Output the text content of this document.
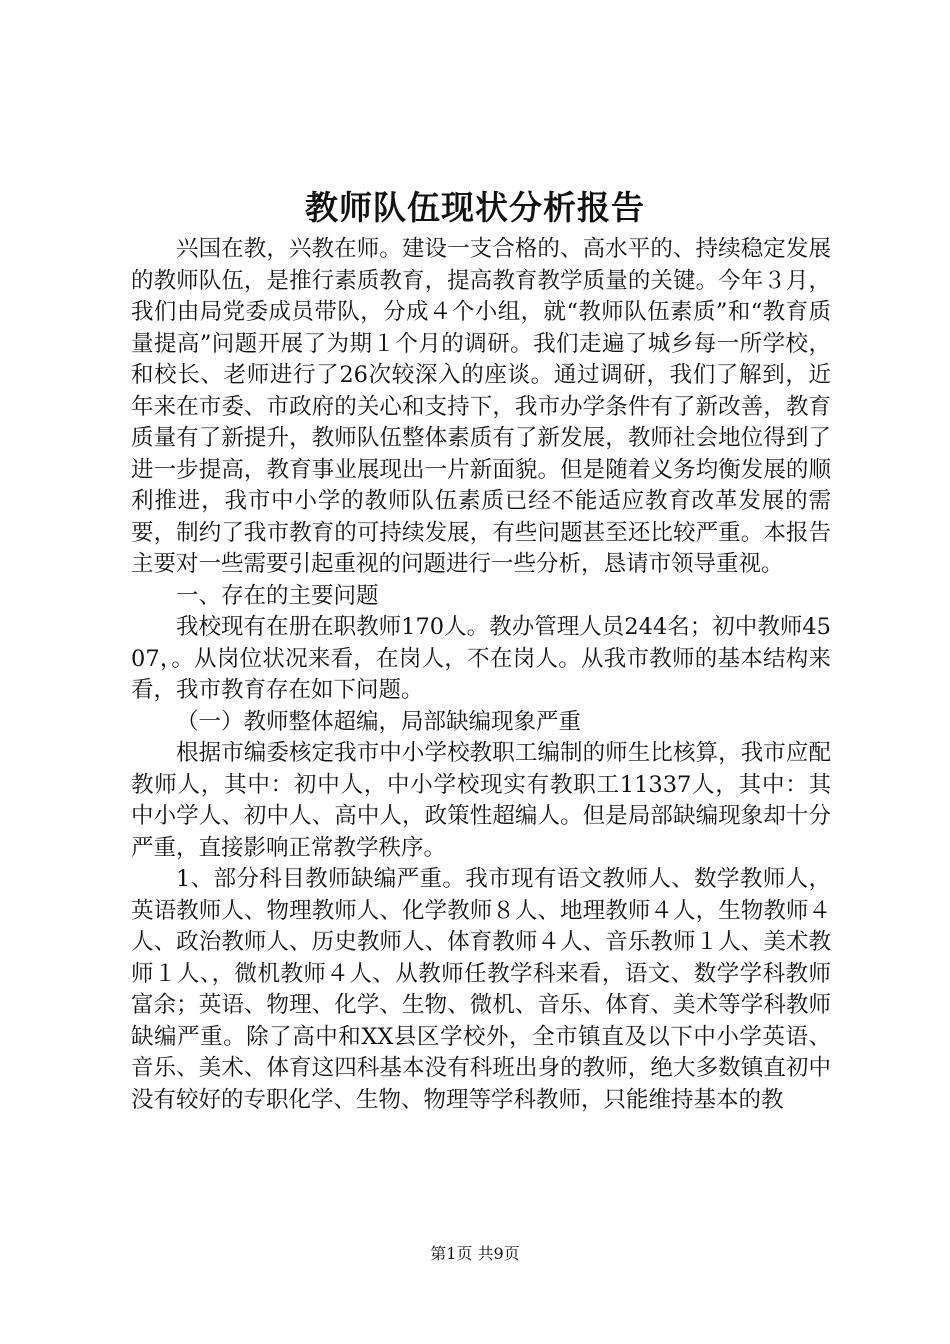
教师队伍现状分析报告

兴国在教，兴教在师。建设一支合格的、高水平的、持续稳定发展的教师队伍，是推行素质教育，提高教育教学质量的关键。今年３月，我们由局党委成员带队，分成４个小组，就“教师队伍素质”和“教育质量提高”问题开展了为期１个月的调研。我们走遍了城乡每一所学校，和校长、老师进行了26次较深入的座谈。通过调研，我们了解到，近年来在市委、市政府的关心和支持下，我市办学条件有了新改善，教育质量有了新提升，教师队伍整体素质有了新发展，教师社会地位得到了进一步提高，教育事业展现出一片新面貌。但是随着义务均衡发展的顺利推进，我市中小学的教师队伍素质已经不能适应教育改革发展的需要，制约了我市教育的可持续发展，有些问题甚至还比较严重。本报告主要对一些需要引起重视的问题进行一些分析，恳请市领导重视。

一、存在的主要问题

我校现有在册在职教师170人。教办管理人员244名；初中教师4507，。从岗位状况来看，在岗人，不在岗人。从我市教师的基本结构来看，我市教育存在如下问题。

（一）教师整体超编，局部缺编现象严重

根据市编委核定我市中小学校教职工编制的师生比核算，我市应配教师人，其中：初中人，中小学校现实有教职工11337人，其中：其中小学人、初中人、高中人，政策性超编人。但是局部缺编现象却十分严重，直接影响正常教学秩序。

1、部分科目教师缺编严重。我市现有语文教师人、数学教师人，英语教师人、物理教师人、化学教师８人、地理教师４人，生物教师４人、政治教师人、历史教师人、体育教师４人、音乐教师１人、美术教师１人、，微机教师４人、从教师任教学科来看，语文、数学学科教师富余；英语、物理、化学、生物、微机、音乐、体育、美术等学科教师缺编严重。除了高中和XX县区学校外，全市镇直及以下中小学英语、音乐、美术、体育这四科基本没有科班出身的教师，绝大多数镇直初中没有较好的专职化学、生物、物理等学科教师，只能维持基本的教

第1页 共9页
